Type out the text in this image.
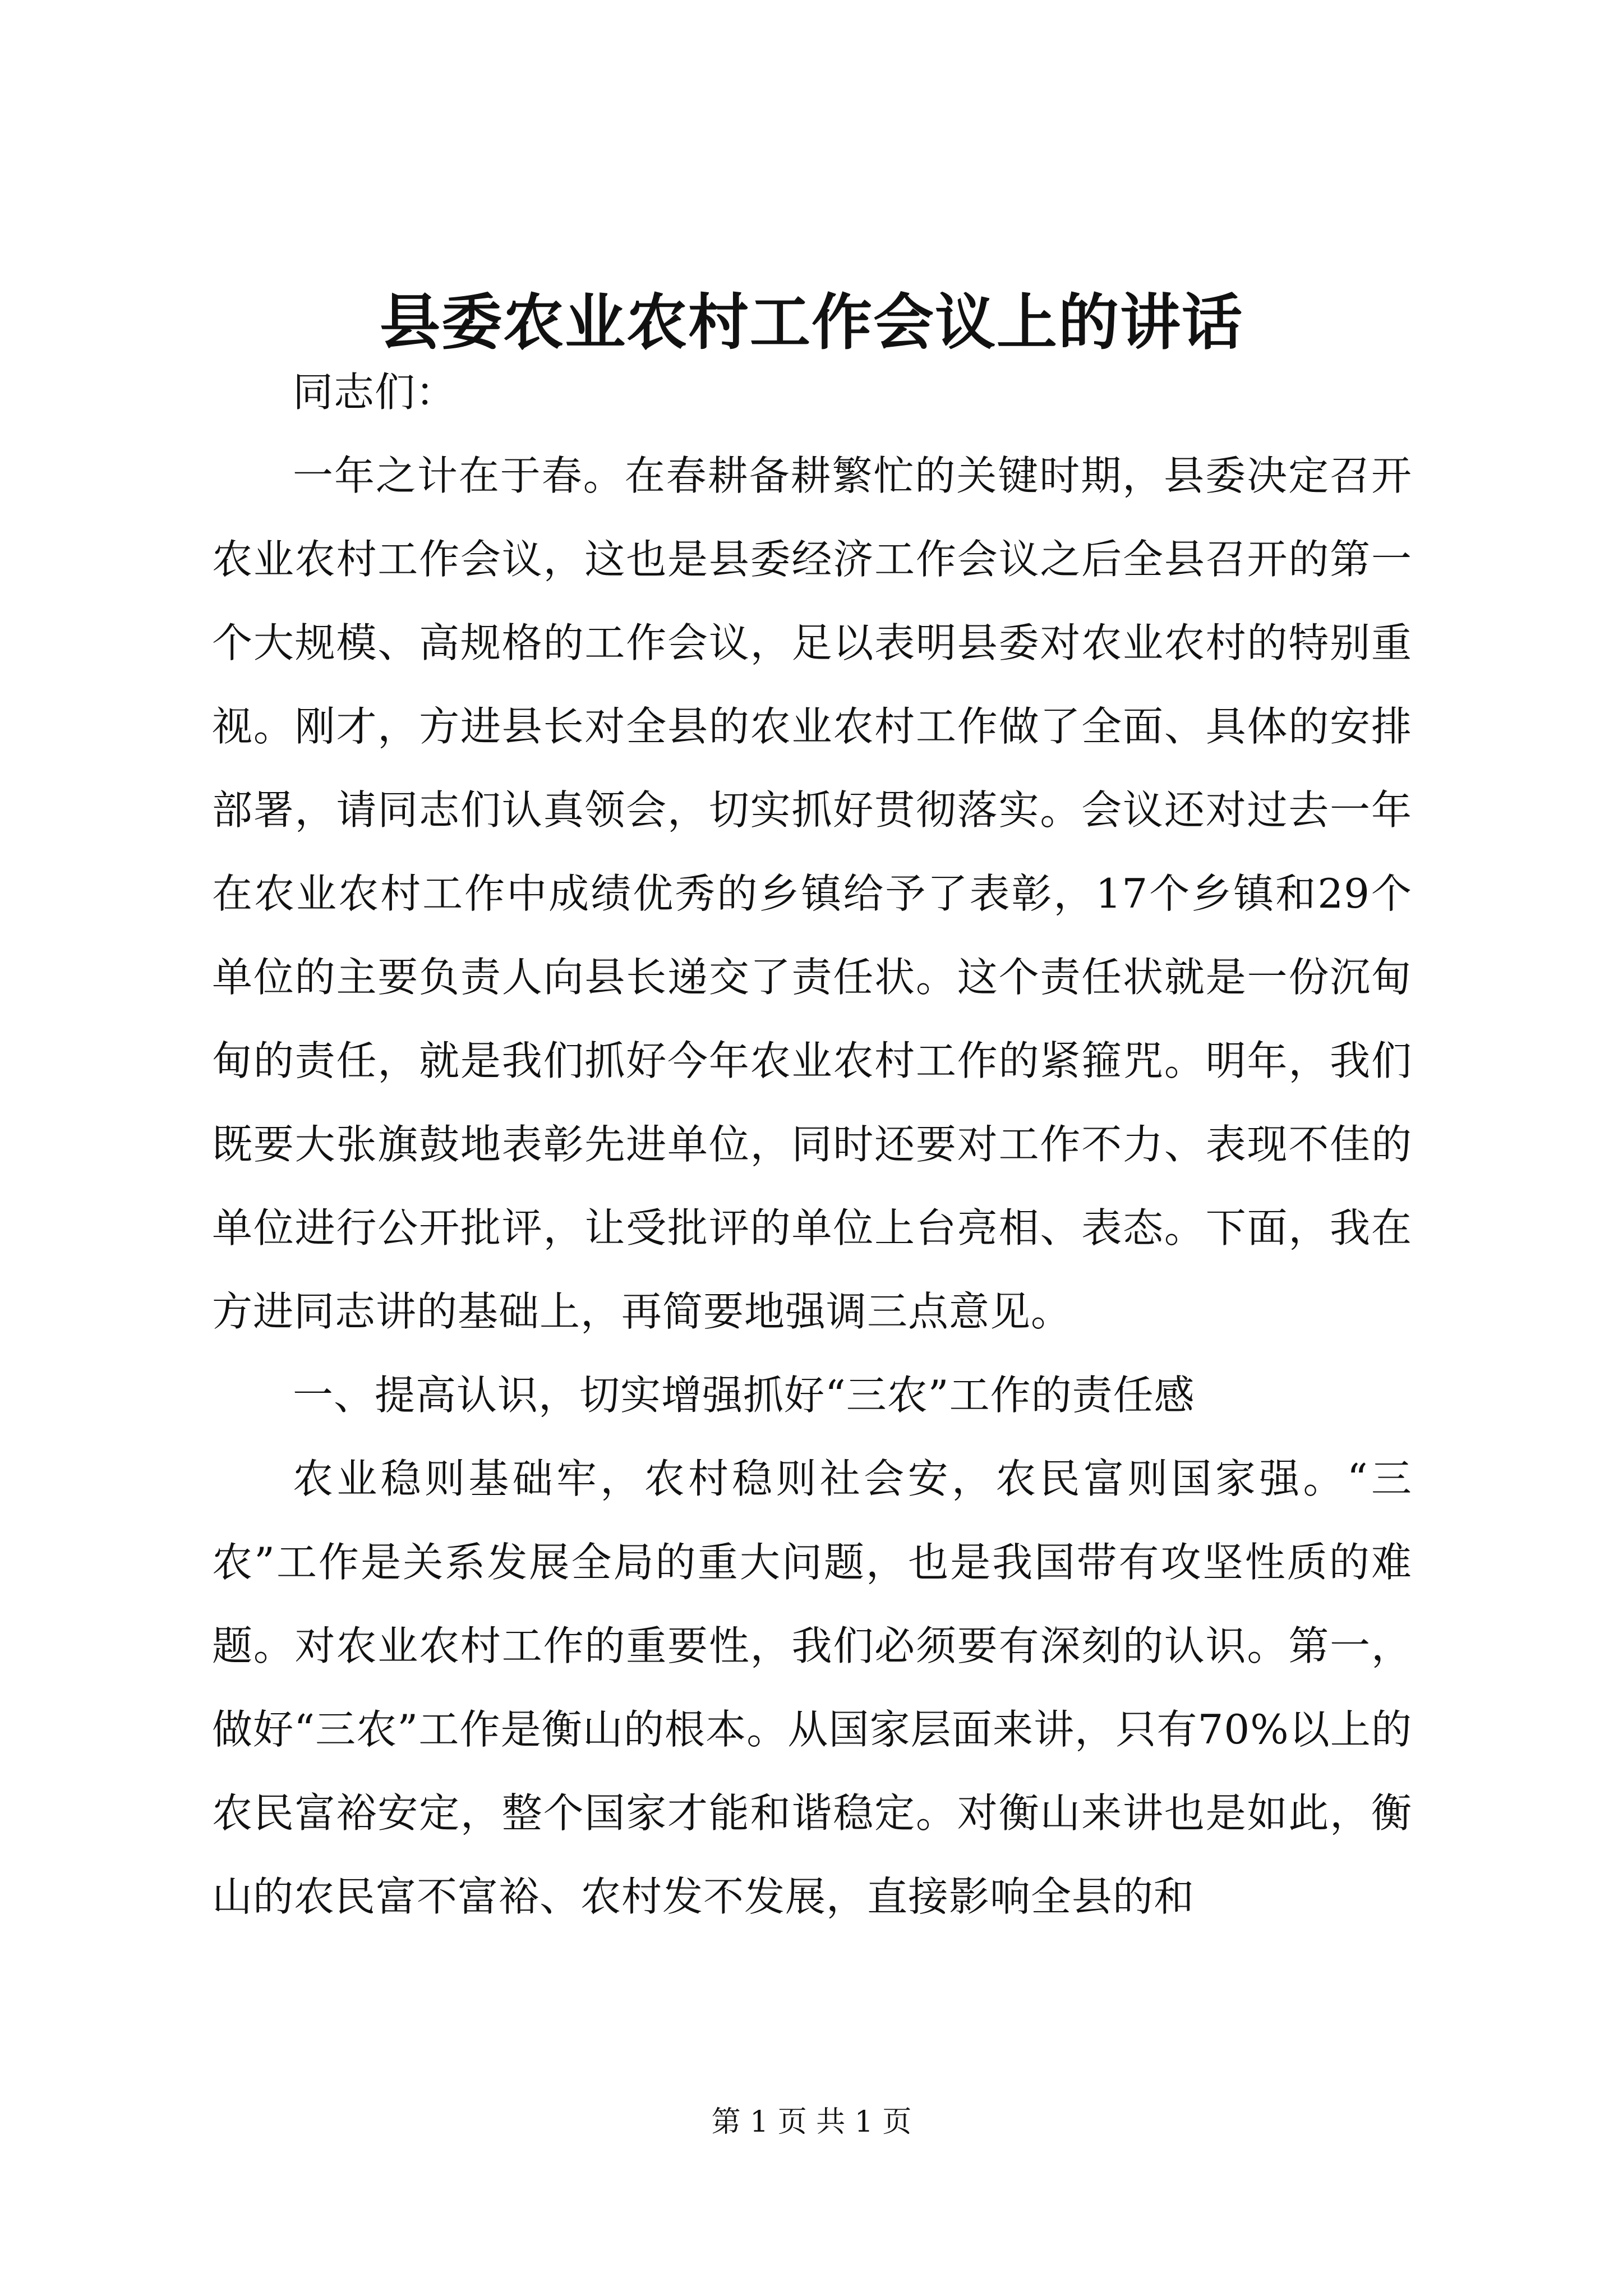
县委农业农村工作会议上的讲话

同志们：

一年之计在于春。在春耕备耕繁忙的关键时期，县委决定召开农业农村工作会议，这也是县委经济工作会议之后全县召开的第一个大规模、高规格的工作会议，足以表明县委对农业农村的特别重视。刚才，方进县长对全县的农业农村工作做了全面、具体的安排部署，请同志们认真领会，切实抓好贯彻落实。会议还对过去一年在农业农村工作中成绩优秀的乡镇给予了表彰，17个乡镇和29个单位的主要负责人向县长递交了责任状。这个责任状就是一份沉甸甸的责任，就是我们抓好今年农业农村工作的紧箍咒。明年，我们既要大张旗鼓地表彰先进单位，同时还要对工作不力、表现不佳的单位进行公开批评，让受批评的单位上台亮相、表态。下面，我在方进同志讲的基础上，再简要地强调三点意见。

一、提高认识，切实增强抓好“三农”工作的责任感

农业稳则基础牢，农村稳则社会安，农民富则国家强。“三农”工作是关系发展全局的重大问题，也是我国带有攻坚性质的难题。对农业农村工作的重要性，我们必须要有深刻的认识。第一，做好“三农”工作是衡山的根本。从国家层面来讲，只有70%以上的农民富裕安定，整个国家才能和谐稳定。对衡山来讲也是如此，衡山的农民富不富裕、农村发不发展，直接影响全县的和

第 1 页 共 1 页
